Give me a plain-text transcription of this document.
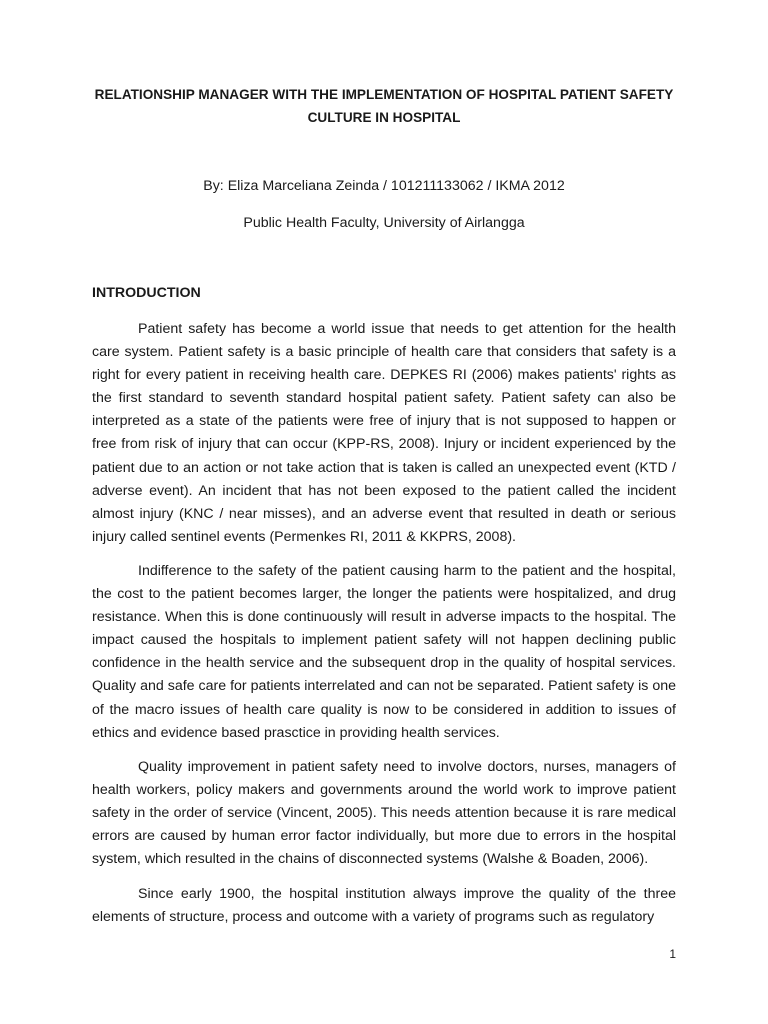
RELATIONSHIP MANAGER WITH THE IMPLEMENTATION OF HOSPITAL PATIENT SAFETY CULTURE IN HOSPITAL

By: Eliza Marceliana Zeinda / 101211133062 / IKMA 2012

Public Health Faculty, University of Airlangga

INTRODUCTION

Patient safety has become a world issue that needs to get attention for the health care system. Patient safety is a basic principle of health care that considers that safety is a right for every patient in receiving health care. DEPKES RI (2006) makes patients' rights as the first standard to seventh standard hospital patient safety. Patient safety can also be interpreted as a state of the patients were free of injury that is not supposed to happen or free from risk of injury that can occur (KPP-RS, 2008). Injury or incident experienced by the patient due to an action or not take action that is taken is called an unexpected event (KTD / adverse event). An incident that has not been exposed to the patient called the incident almost injury (KNC / near misses), and an adverse event that resulted in death or serious injury called sentinel events (Permenkes RI, 2011 & KKPRS, 2008).

Indifference to the safety of the patient causing harm to the patient and the hospital, the cost to the patient becomes larger, the longer the patients were hospitalized, and drug resistance. When this is done continuously will result in adverse impacts to the hospital. The impact caused the hospitals to implement patient safety will not happen declining public confidence in the health service and the subsequent drop in the quality of hospital services. Quality and safe care for patients interrelated and can not be separated. Patient safety is one of the macro issues of health care quality is now to be considered in addition to issues of ethics and evidence based prasctice in providing health services.

Quality improvement in patient safety need to involve doctors, nurses, managers of health workers, policy makers and governments around the world work to improve patient safety in the order of service (Vincent, 2005). This needs attention because it is rare medical errors are caused by human error factor individually, but more due to errors in the hospital system, which resulted in the chains of disconnected systems (Walshe & Boaden, 2006).

Since early 1900, the hospital institution always improve the quality of the three elements of structure, process and outcome with a variety of programs such as regulatory

1
